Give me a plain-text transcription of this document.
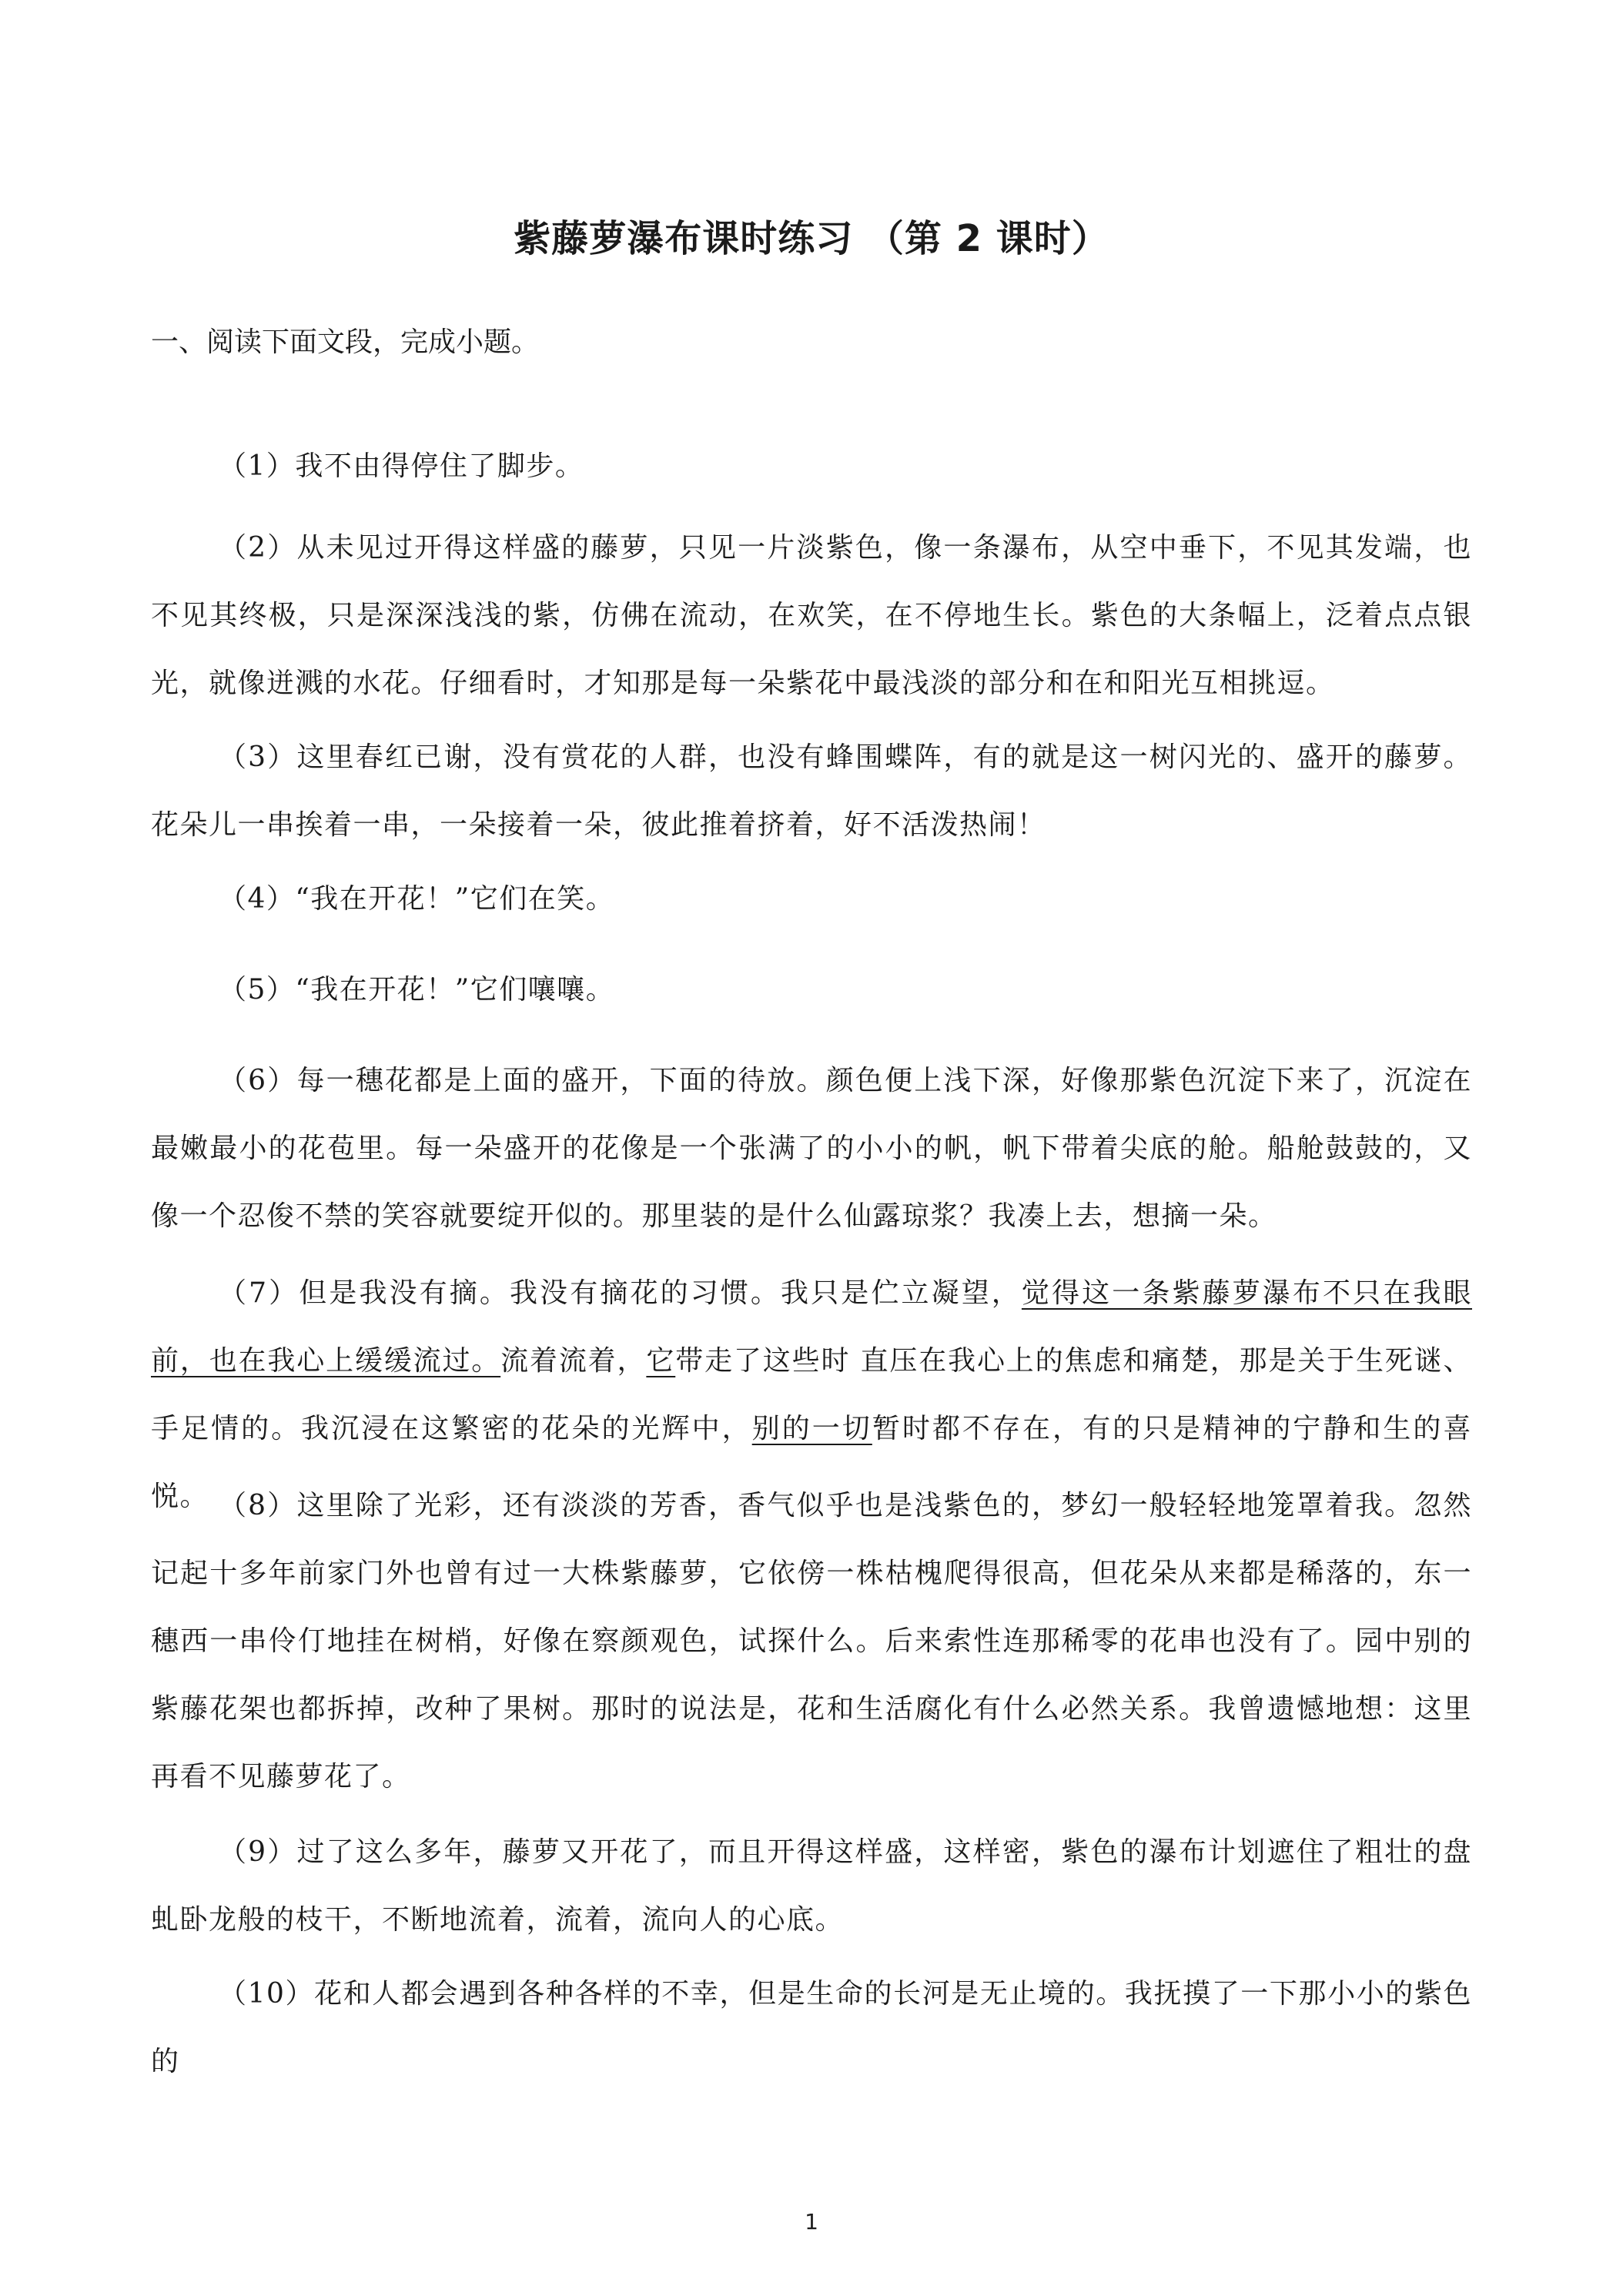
紫藤萝瀑布课时练习 （第 2 课时）

一、阅读下面文段，完成小题。

（1）我不由得停住了脚步。

（2）从未见过开得这样盛的藤萝，只见一片淡紫色，像一条瀑布，从空中垂下，不见其发端，也不见其终极，只是深深浅浅的紫，仿佛在流动，在欢笑，在不停地生长。紫色的大条幅上，泛着点点银光，就像迸溅的水花。仔细看时，才知那是每一朵紫花中最浅淡的部分和在和阳光互相挑逗。

（3）这里春红已谢，没有赏花的人群，也没有蜂围蝶阵，有的就是这一树闪光的、盛开的藤萝。花朵儿一串挨着一串，一朵接着一朵，彼此推着挤着，好不活泼热闹！

（4）“我在开花！”它们在笑。

（5）“我在开花！”它们嚷嚷。

（6）每一穗花都是上面的盛开，下面的待放。颜色便上浅下深，好像那紫色沉淀下来了，沉淀在最嫩最小的花苞里。每一朵盛开的花像是一个张满了的小小的帆，帆下带着尖底的舱。船舱鼓鼓的，又像一个忍俊不禁的笑容就要绽开似的。那里装的是什么仙露琼浆？我凑上去，想摘一朵。

（7）但是我没有摘。我没有摘花的习惯。我只是伫立凝望，觉得这一条紫藤萝瀑布不只在我眼前，也在我心上缓缓流过。流着流着，它带走了这些时 直压在我心上的焦虑和痛楚，那是关于生死谜、手足情的。我沉浸在这繁密的花朵的光辉中，别的一切暂时都不存在，有的只是精神的宁静和生的喜悦。 （8）这里除了光彩，还有淡淡的芳香，香气似乎也是浅紫色的，梦幻一般轻轻地笼罩着我。忽然记起十多年前家门外也曾有过一大株紫藤萝，它依傍一株枯槐爬得很高，但花朵从来都是稀落的，东一穗西一串伶仃地挂在树梢，好像在察颜观色，试探什么。后来索性连那稀零的花串也没有了。园中别的紫藤花架也都拆掉，改种了果树。那时的说法是，花和生活腐化有什么必然关系。我曾遗憾地想：这里再看不见藤萝花了。

（9）过了这么多年，藤萝又开花了，而且开得这样盛，这样密，紫色的瀑布计划遮住了粗壮的盘虬卧龙般的枝干，不断地流着，流着，流向人的心底。

（10）花和人都会遇到各种各样的不幸，但是生命的长河是无止境的。我抚摸了一下那小小的紫色的

1
